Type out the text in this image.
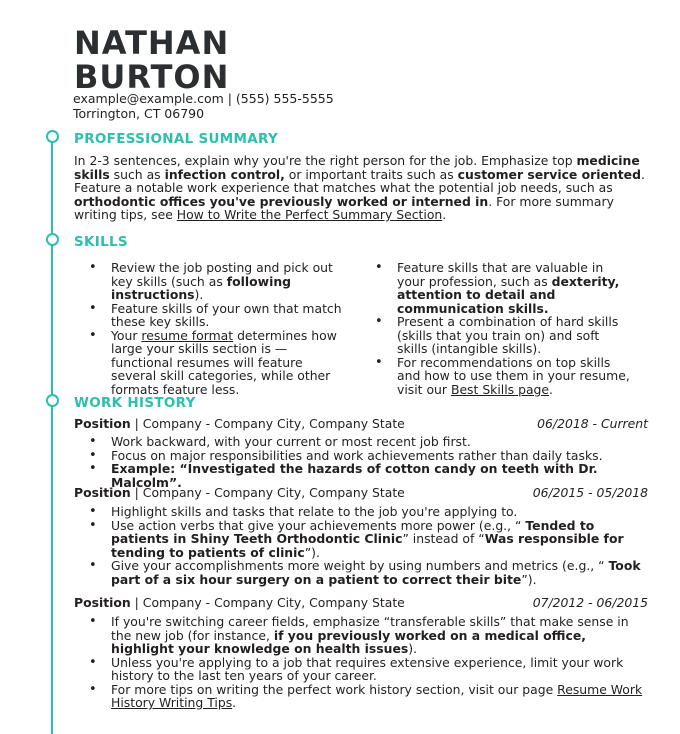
NATHAN
BURTON
example@example.com | (555) 555-5555
Torrington, CT 06790
PROFESSIONAL SUMMARY
In 2-3 sentences, explain why you're the right person for the job. Emphasize top medicine skills such as infection control, or important traits such as customer service oriented. Feature a notable work experience that matches what the potential job needs, such as orthodontic offices you've previously worked or interned in. For more summary writing tips, see How to Write the Perfect Summary Section.
SKILLS
• Review the job posting and pick out key skills (such as following instructions).
• Feature skills of your own that match these key skills.
• Your resume format determines how large your skills section is — functional resumes will feature several skill categories, while other formats feature less.
• Feature skills that are valuable in your profession, such as dexterity, attention to detail and communication skills.
• Present a combination of hard skills (skills that you train on) and soft skills (intangible skills).
• For recommendations on top skills and how to use them in your resume, visit our Best Skills page.
WORK HISTORY
Position | Company - Company City, Company State	06/2018 - Current
• Work backward, with your current or most recent job first.
• Focus on major responsibilities and work achievements rather than daily tasks.
• Example: “Investigated the hazards of cotton candy on teeth with Dr. Malcolm”.
Position | Company - Company City, Company State	06/2015 - 05/2018
• Highlight skills and tasks that relate to the job you're applying to.
• Use action verbs that give your achievements more power (e.g., “ Tended to patients in Shiny Teeth Orthodontic Clinic” instead of “Was responsible for tending to patients of clinic”).
• Give your accomplishments more weight by using numbers and metrics (e.g., “ Took part of a six hour surgery on a patient to correct their bite”).
Position | Company - Company City, Company State	07/2012 - 06/2015
• If you're switching career fields, emphasize “transferable skills” that make sense in the new job (for instance, if you previously worked on a medical office, highlight your knowledge on health issues).
• Unless you're applying to a job that requires extensive experience, limit your work history to the last ten years of your career.
• For more tips on writing the perfect work history section, visit our page Resume Work History Writing Tips.
